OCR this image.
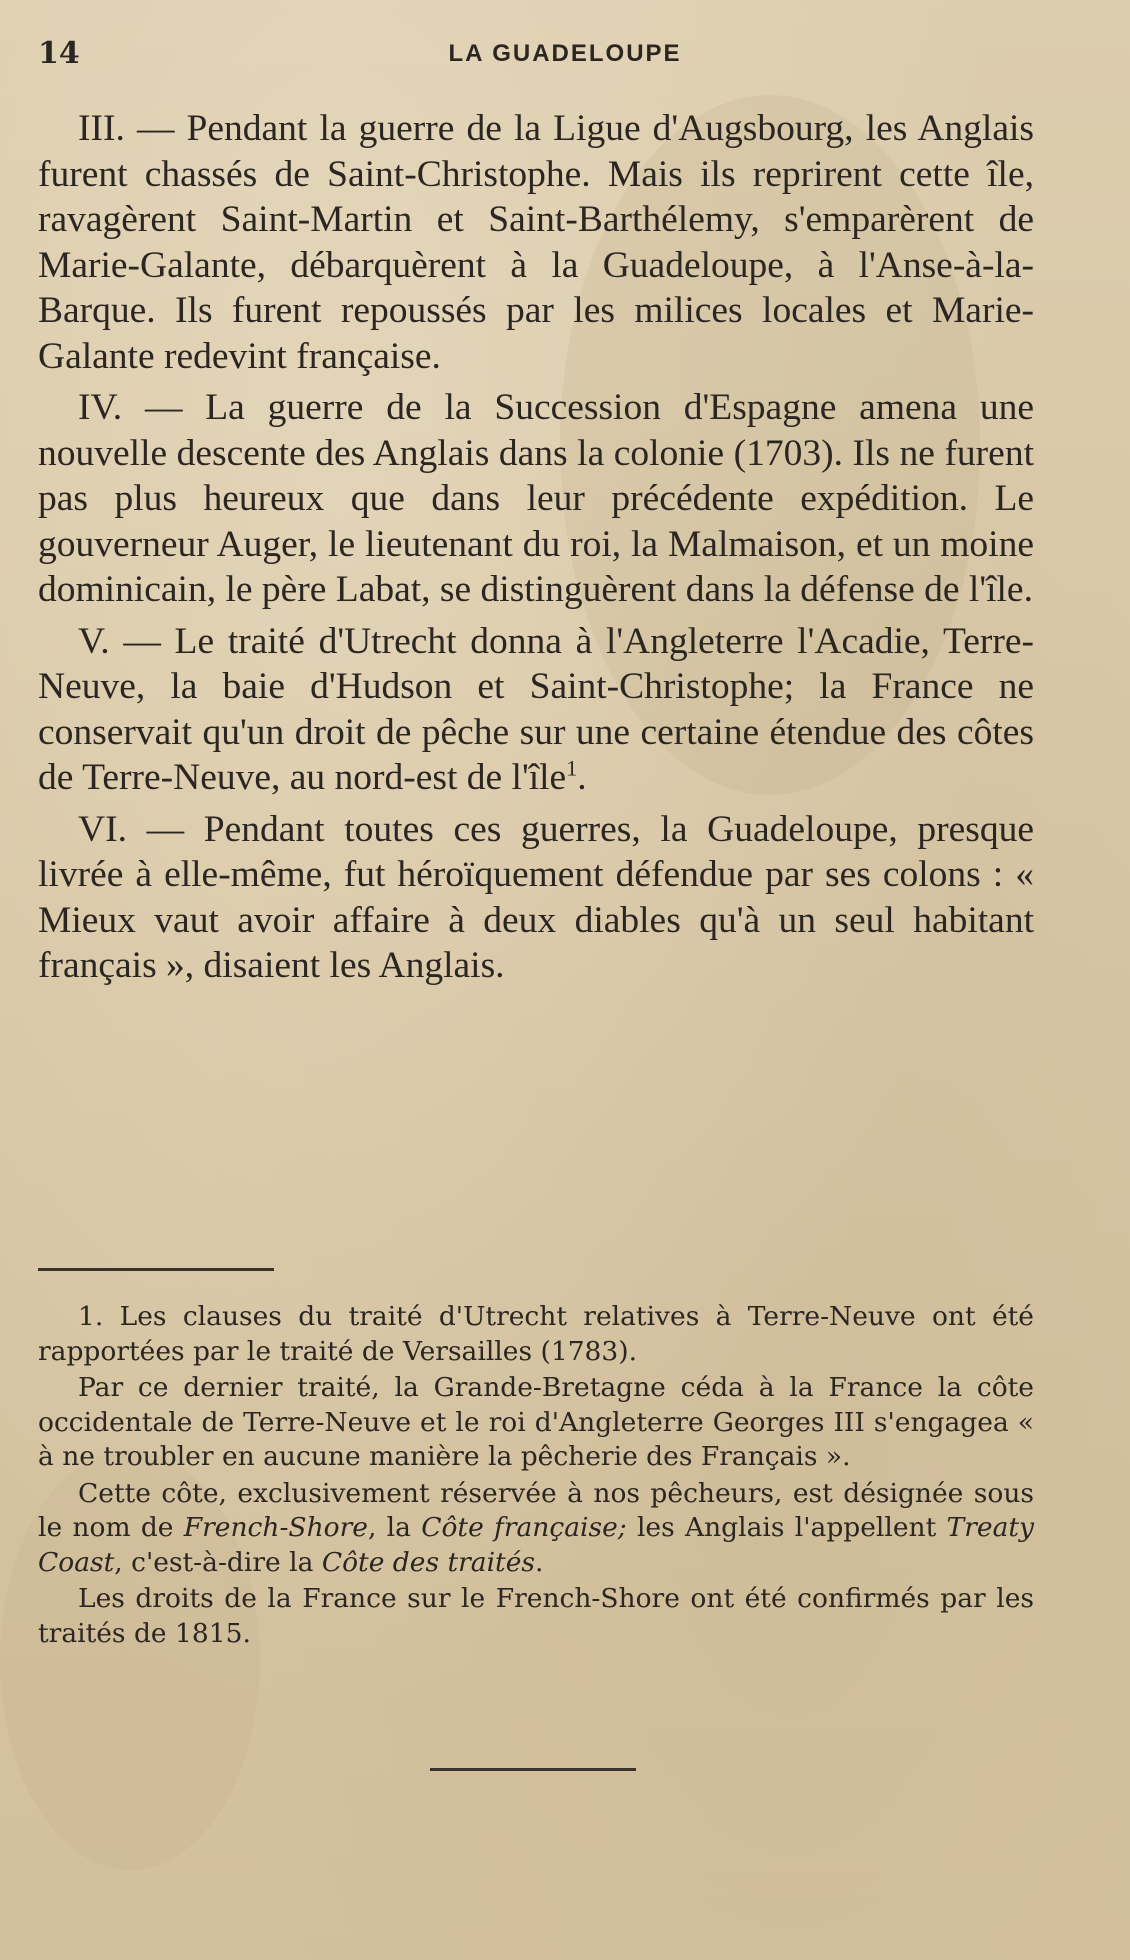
14	LA GUADELOUPE

III. — Pendant la guerre de la Ligue d'Augsbourg, les Anglais furent chassés de Saint-Christophe. Mais ils reprirent cette île, ravagèrent Saint-Martin et Saint-Barthélemy, s'emparèrent de Marie-Galante, débarquèrent à la Guadeloupe, à l'Anse-à-la-Barque. Ils furent repoussés par les milices locales et Marie-Galante redevint française.

IV. — La guerre de la Succession d'Espagne amena une nouvelle descente des Anglais dans la colonie (1703). Ils ne furent pas plus heureux que dans leur précédente expédition. Le gouverneur Auger, le lieutenant du roi, la Malmaison, et un moine dominicain, le père Labat, se distinguèrent dans la défense de l'île.

V. — Le traité d'Utrecht donna à l'Angleterre l'Acadie, Terre-Neuve, la baie d'Hudson et Saint-Christophe; la France ne conservait qu'un droit de pêche sur une certaine étendue des côtes de Terre-Neuve, au nord-est de l'île$^1$.

VI. — Pendant toutes ces guerres, la Guadeloupe, presque livrée à elle-même, fut héroïquement défendue par ses colons : « Mieux vaut avoir affaire à deux diables qu'à un seul habitant français », disaient les Anglais.

1. Les clauses du traité d'Utrecht relatives à Terre-Neuve ont été rapportées par le traité de Versailles (1783).

Par ce dernier traité, la Grande-Bretagne céda à la France la côte occidentale de Terre-Neuve et le roi d'Angleterre Georges III s'engagea « à ne troubler en aucune manière la pêcherie des Français ».

Cette côte, exclusivement réservée à nos pêcheurs, est désignée sous le nom de French-Shore, la Côte française; les Anglais l'appellent Treaty Coast, c'est-à-dire la Côte des traités.

Les droits de la France sur le French-Shore ont été confirmés par les traités de 1815.
